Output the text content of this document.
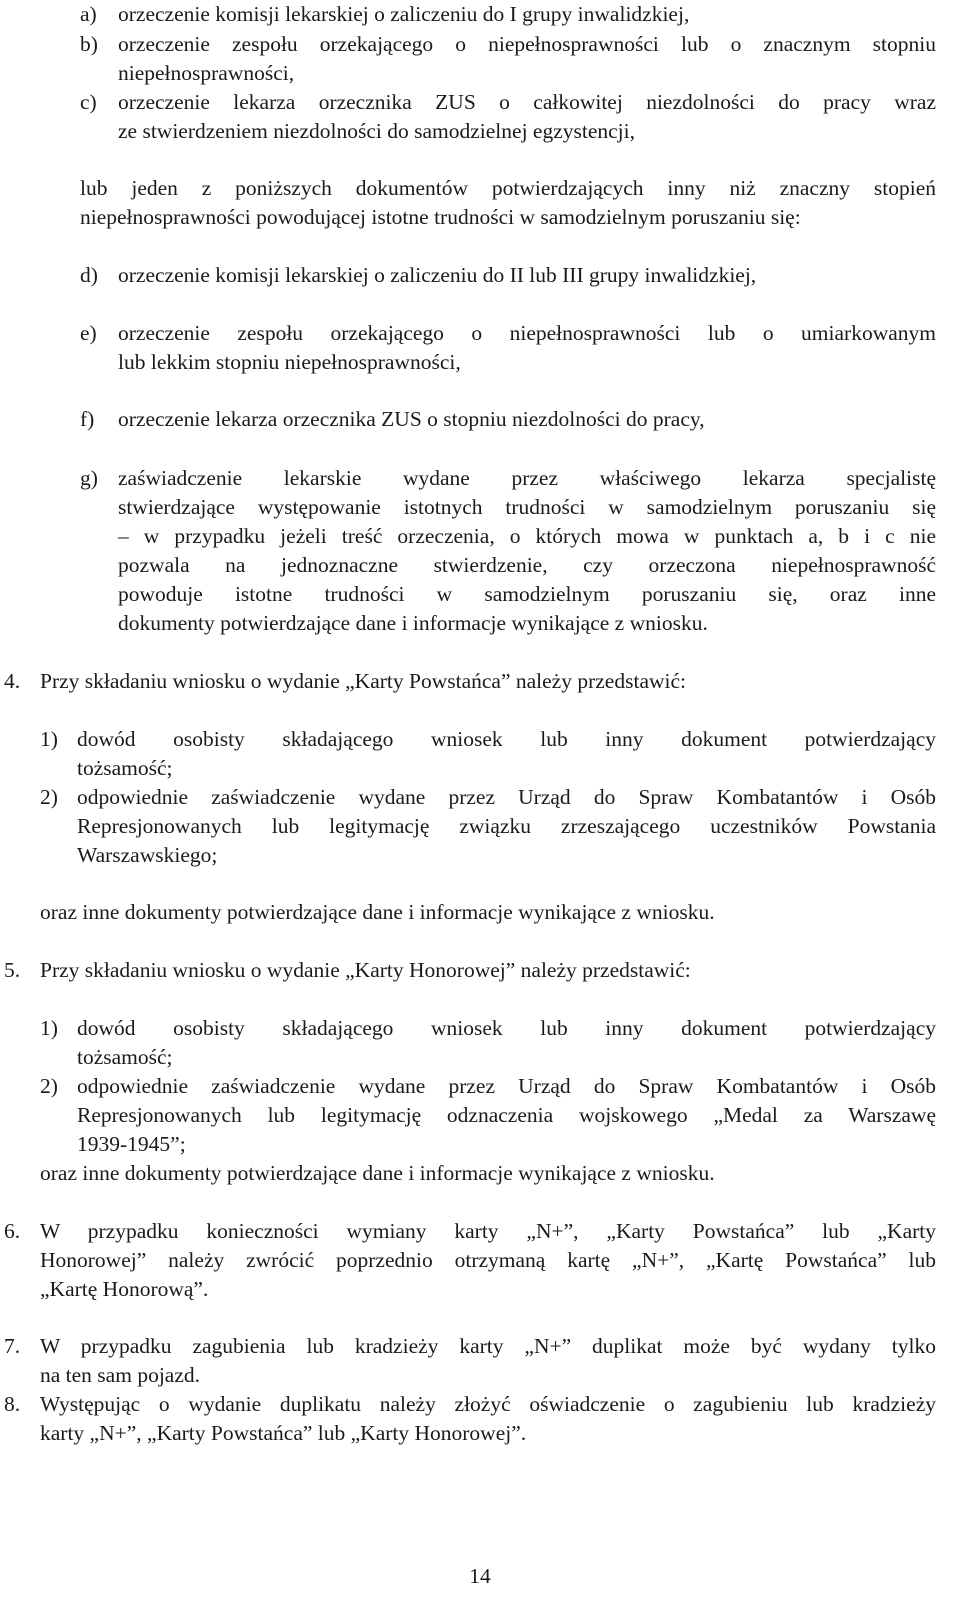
a) orzeczenie komisji lekarskiej o zaliczeniu do I grupy inwalidzkiej,
b) orzeczenie zespołu orzekającego o niepełnosprawności lub o znacznym stopniu
niepełnosprawności,
c) orzeczenie lekarza orzecznika ZUS o całkowitej niezdolności do pracy wraz
ze stwierdzeniem niezdolności do samodzielnej egzystencji,
lub jeden z poniższych dokumentów potwierdzających inny niż znaczny stopień
niepełnosprawności powodującej istotne trudności w samodzielnym poruszaniu się:
d) orzeczenie komisji lekarskiej o zaliczeniu do II lub III grupy inwalidzkiej,
e) orzeczenie zespołu orzekającego o niepełnosprawności lub o umiarkowanym
lub lekkim stopniu niepełnosprawności,
f) orzeczenie lekarza orzecznika ZUS o stopniu niezdolności do pracy,
g) zaświadczenie lekarskie wydane przez właściwego lekarza specjalistę
stwierdzające występowanie istotnych trudności w samodzielnym poruszaniu się
– w przypadku jeżeli treść orzeczenia, o których mowa w punktach a, b i c nie
pozwala na jednoznaczne stwierdzenie, czy orzeczona niepełnosprawność
powoduje istotne trudności w samodzielnym poruszaniu się, oraz inne
dokumenty potwierdzające dane i informacje wynikające z wniosku.
4. Przy składaniu wniosku o wydanie „Karty Powstańca” należy przedstawić:
1) dowód osobisty składającego wniosek lub inny dokument potwierdzający
tożsamość;
2) odpowiednie zaświadczenie wydane przez Urząd do Spraw Kombatantów i Osób
Represjonowanych lub legitymację związku zrzeszającego uczestników Powstania
Warszawskiego;
oraz inne dokumenty potwierdzające dane i informacje wynikające z wniosku.
5. Przy składaniu wniosku o wydanie „Karty Honorowej” należy przedstawić:
1) dowód osobisty składającego wniosek lub inny dokument potwierdzający
tożsamość;
2) odpowiednie zaświadczenie wydane przez Urząd do Spraw Kombatantów i Osób
Represjonowanych lub legitymację odznaczenia wojskowego „Medal za Warszawę
1939-1945”;
oraz inne dokumenty potwierdzające dane i informacje wynikające z wniosku.
6. W przypadku konieczności wymiany karty „N+”, „Karty Powstańca” lub „Karty
Honorowej” należy zwrócić poprzednio otrzymaną kartę „N+”, „Kartę Powstańca” lub
„Kartę Honorową”.
7. W przypadku zagubienia lub kradzieży karty „N+” duplikat może być wydany tylko
na ten sam pojazd.
8. Występując o wydanie duplikatu należy złożyć oświadczenie o zagubieniu lub kradzieży
karty „N+”, „Karty Powstańca” lub „Karty Honorowej”.
14
